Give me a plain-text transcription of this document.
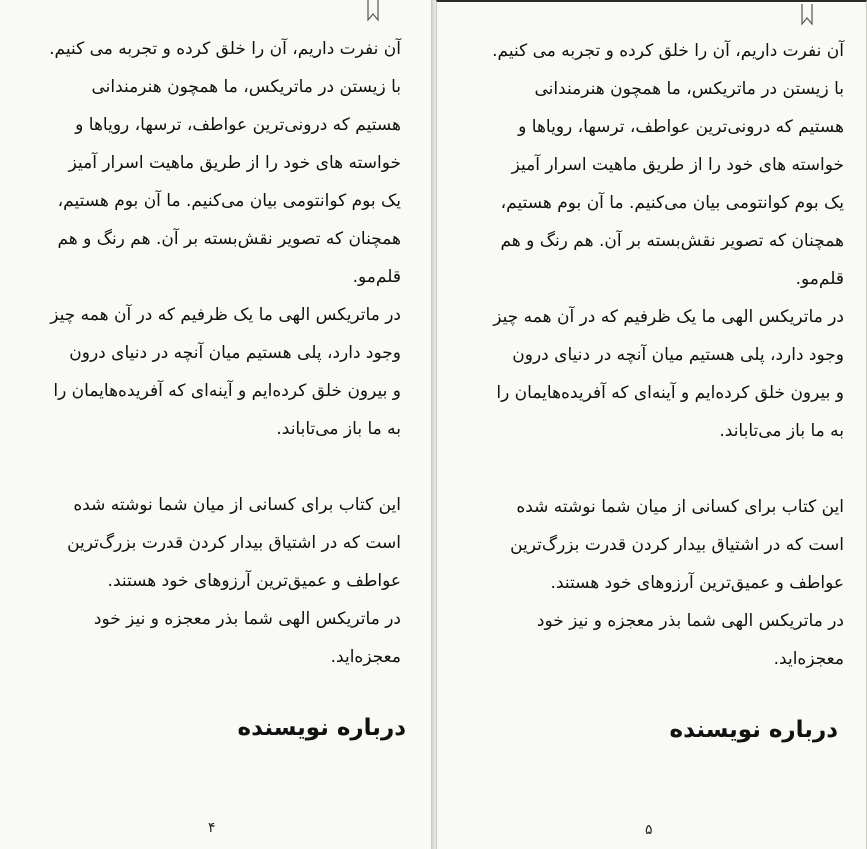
آن نفرت داریم، آن را خلق کرده و تجربه می کنیم.
با زیستن در ماتریکس، ما همچون هنرمندانی
هستیم که درونی‌ترین عواطف، ترسها، رویاها و
خواسته های خود را از طریق ماهیت اسرار آمیز
یک بوم کوانتومی بیان می‌کنیم. ما آن بوم هستیم،
همچنان که تصویر نقش‌بسته بر آن. هم رنگ و هم
قلم‌مو.

در ماتریکس الهی ما یک ظرفیم که در آن همه چیز
وجود دارد، پلی هستیم میان آنچه در دنیای درون
و بیرون خلق کرده‌ایم و آینه‌ای که آفریده‌هایمان را
به ما باز می‌تاباند.

این کتاب برای کسانی از میان شما نوشته شده
است که در اشتیاق بیدار کردن قدرت بزرگ‌ترین
عواطف و عمیق‌ترین آرزوهای خود هستند.
در ماتریکس الهی شما بذر معجزه و نیز خود
معجزه‌اید.

درباره نویسنده
۴

آن نفرت داریم، آن را خلق کرده و تجربه می کنیم.
با زیستن در ماتریکس، ما همچون هنرمندانی
هستیم که درونی‌ترین عواطف، ترسها، رویاها و
خواسته های خود را از طریق ماهیت اسرار آمیز
یک بوم کوانتومی بیان می‌کنیم. ما آن بوم هستیم،
همچنان که تصویر نقش‌بسته بر آن. هم رنگ و هم
قلم‌مو.

در ماتریکس الهی ما یک ظرفیم که در آن همه چیز
وجود دارد، پلی هستیم میان آنچه در دنیای درون
و بیرون خلق کرده‌ایم و آینه‌ای که آفریده‌هایمان را
به ما باز می‌تاباند.

این کتاب برای کسانی از میان شما نوشته شده
است که در اشتیاق بیدار کردن قدرت بزرگ‌ترین
عواطف و عمیق‌ترین آرزوهای خود هستند.
در ماتریکس الهی شما بذر معجزه و نیز خود
معجزه‌اید.

درباره نویسنده
۵
